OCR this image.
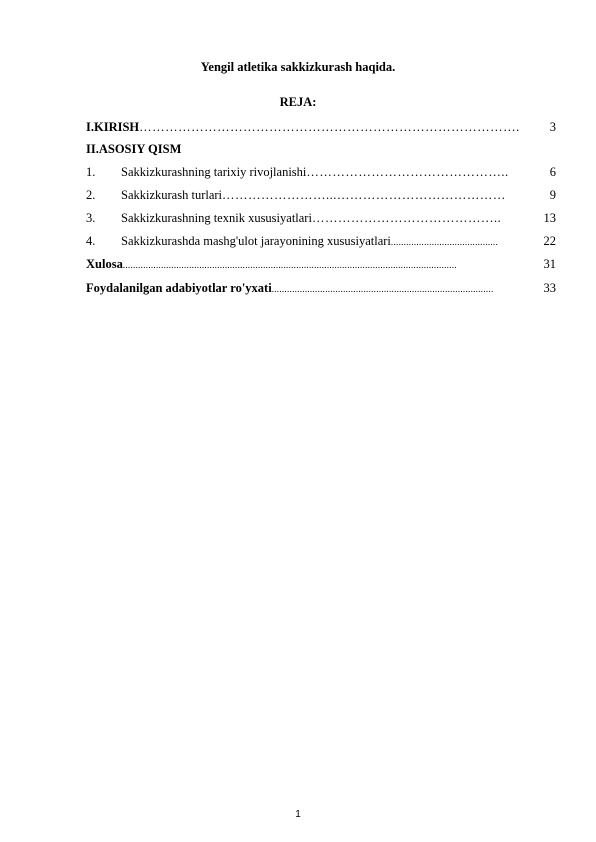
Yengil atletika sakkizkurash haqida.
REJA:
I.KIRISH …………………………………………………………………………….	3
II.ASOSIY QISM
1.	Sakkizkurashning tarixiy rivojlanishi ………………………………………..	6
2.	Sakkizkurash turlari ……………………...…………………………………	9
3.	Sakkizkurashning texnik xususiyatlari ……………………………………..	13
4.	Sakkizkurashda mashg'ulot jarayonining xususiyatlari ..........................................	22
Xulosa ...................................................................................................................................	31
Foydalanilgan adabiyotlar ro'yxati .......................................................................................	33
1
